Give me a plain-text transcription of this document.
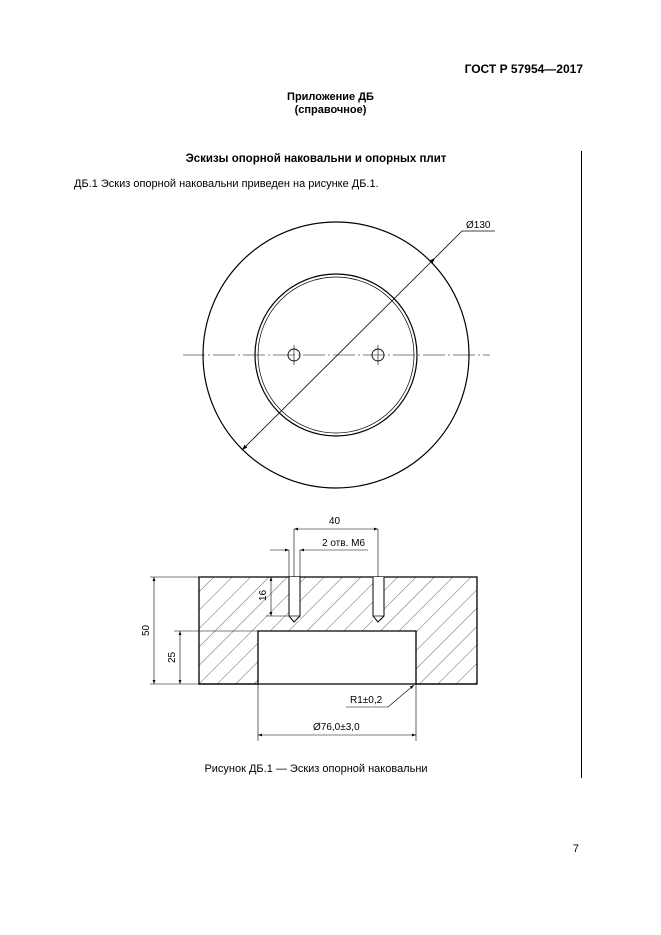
ГОСТ Р 57954—2017
Приложение ДБ
(справочное)
Эскизы опорной наковальни и опорных плит
ДБ.1 Эскиз опорной наковальни приведен на рисунке ДБ.1.
Ø130
40
2 отв. М6
16
50
25
R1±0,2
Ø76,0±3,0
Рисунок ДБ.1 — Эскиз опорной наковальни
7
